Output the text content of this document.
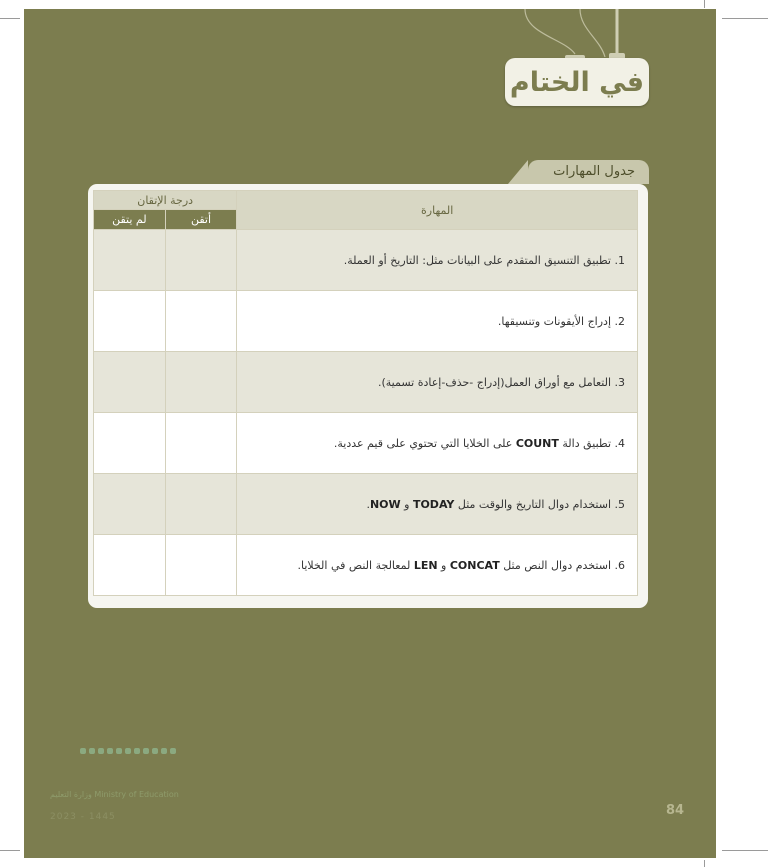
في الختام
جدول المهارات
المهارة	درجة الإتقان	
	أتقن	لم يتقن
1. تطبيق التنسيق المتقدم على البيانات مثل: التاريخ أو العملة.		
2. إدراج الأيقونات وتنسيقها.		
3. التعامل مع أوراق العمل(إدراج -حذف-إعادة تسمية).		
4. تطبيق دالة COUNT على الخلايا التي تحتوي على قيم عددية.		
5. استخدام دوال التاريخ والوقت مثل TODAY و NOW.		
6. استخدم دوال النص مثل CONCAT و LEN لمعالجة النص في الخلايا.		
وزارة التعليم Ministry of Education
2023 - 1445	84
